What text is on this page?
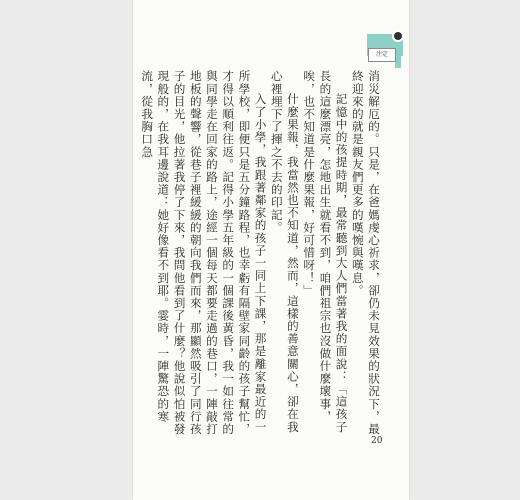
注定

消災解厄的。只是，在爸媽虔心祈求，卻仍未見效果的狀況下，最終迎來的就是親友們更多的嘆惋與嘆息。

記憶中的孩提時期，最常聽到大人們當著我的面說：「這孩子長的這麼漂亮，怎地出生就看不到，咱們祖宗也沒做什麼壞事，唉，也不知道是什麼果報，好可惜呀！」

什麼果報，我當然也不知道，然而，這樣的善意關心，卻在我心裡埋下了揮之不去的印記。

入了小學，我跟著鄰家的孩子一同上下課，那是離家最近的一所學校，即便只是五分鐘路程，也幸虧有隔壁家同齡的孩子幫忙，才得以順利往返。記得小學五年級的一個課後黃昏，我一如往常的與同學走在回家的路上，途經一個每天都要走過的巷口，一陣敲打地板的聲響，從巷子裡緩緩的朝向我們而來，那顯然吸引了同行孩子的目光，他拉著我停了下來，我問他看到了什麼？他說似怕被發現般的，在我耳邊說道：她好像看不到耶。霎時，一陣驚恐的寒流，從我胸口急

20
